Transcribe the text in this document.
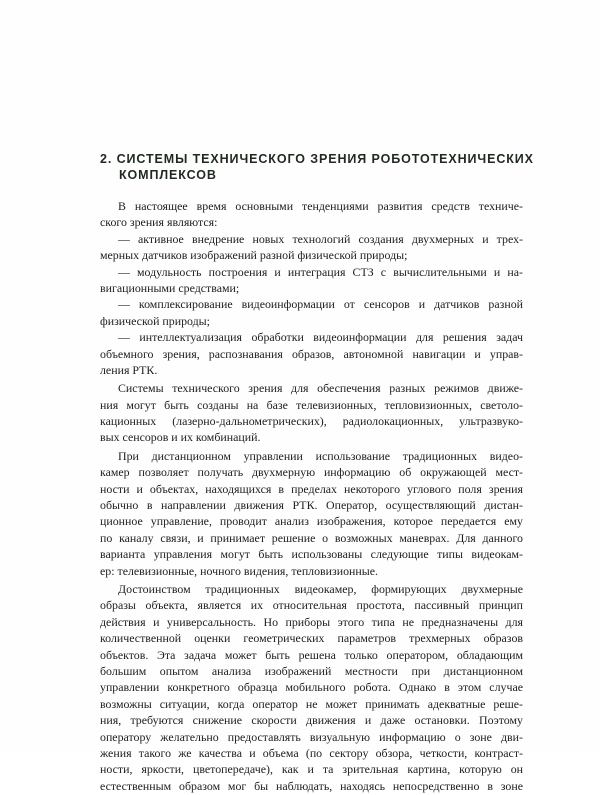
2. СИСТЕМЫ ТЕХНИЧЕСКОГО ЗРЕНИЯ РОБОТОТЕХНИЧЕСКИХ
КОМПЛЕКСОВ

В настоящее время основными тенденциями развития средств техниче-
ского зрения являются:
— активное внедрение новых технологий создания двухмерных и трех-
мерных датчиков изображений разной физической природы;
— модульность построения и интеграция СТЗ с вычислительными и на-
вигационными средствами;
— комплексирование видеоинформации от сенсоров и датчиков разной
физической природы;
— интеллектуализация обработки видеоинформации для решения задач
объемного зрения, распознавания образов, автономной навигации и управ-
ления РТК.

Системы технического зрения для обеспечения разных режимов движе-
ния могут быть созданы на базе телевизионных, тепловизионных, светоло-
кационных (лазерно-дальнометрических), радиолокационных, ультразвуко-
вых сенсоров и их комбинаций.

При дистанционном управлении использование традиционных видео-
камер позволяет получать двухмерную информацию об окружающей мест-
ности и объектах, находящихся в пределах некоторого углового поля зрения
обычно в направлении движения РТК. Оператор, осуществляющий дистан-
ционное управление, проводит анализ изображения, которое передается ему
по каналу связи, и принимает решение о возможных маневрах. Для данного
варианта управления могут быть использованы следующие типы видеокам-
ер: телевизионные, ночного видения, тепловизионные.

Достоинством традиционных видеокамер, формирующих двухмерные
образы объекта, является их относительная простота, пассивный принцип
действия и универсальность. Но приборы этого типа не предназначены для
количественной оценки геометрических параметров трехмерных образов
объектов. Эта задача может быть решена только оператором, обладающим
большим опытом анализа изображений местности при дистанционном
управлении конкретного образца мобильного робота. Однако в этом случае
возможны ситуации, когда оператор не может принимать адекватные реше-
ния, требуются снижение скорости движения и даже остановки. Поэтому
оператору желательно предоставлять визуальную информацию о зоне дви-
жения такого же качества и объема (по сектору обзора, четкости, контраст-
ности, яркости, цветопередаче), как и та зрительная картина, которую он
естественным образом мог бы наблюдать, находясь непосредственно в зоне
